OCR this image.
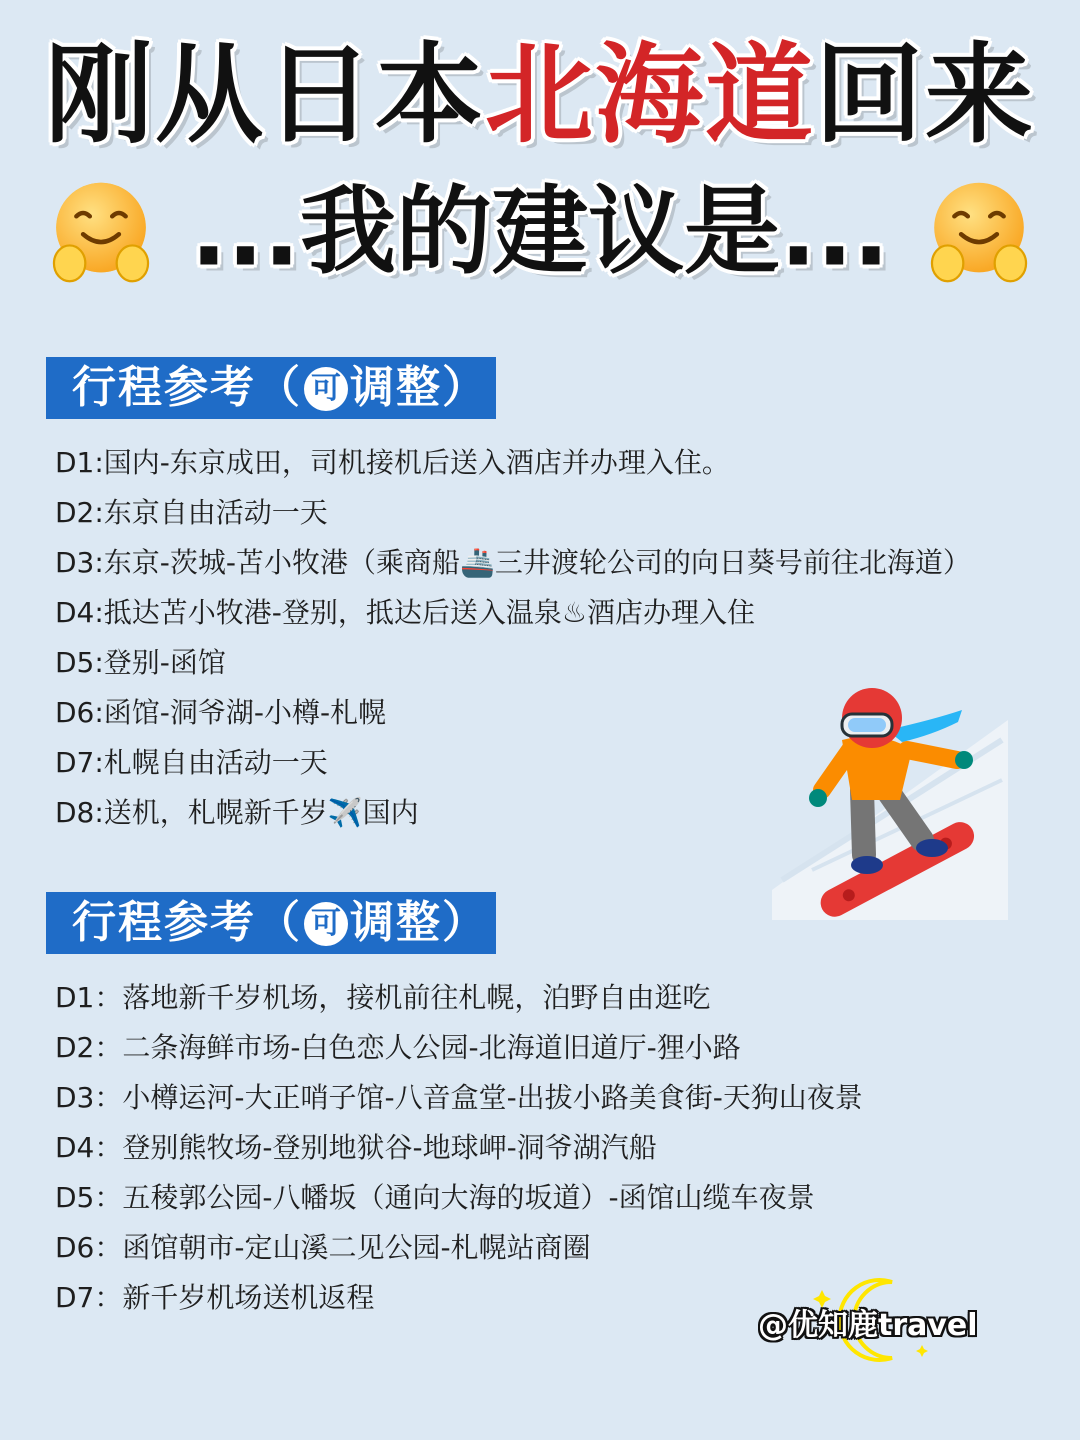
刚从日本北海道回来
...我的建议是...
行程参考（ 可 调整）
D1:国内-东京成田，司机接机后送入酒店并办理入住。
D2:东京自由活动一天
D3:东京-茨城-苫小牧港（乘商船🚢三井渡轮公司的向日葵号前往北海道）
D4:抵达苫小牧港-登别，抵达后送入温泉♨酒店办理入住
D5:登别-函馆
D6:函馆-洞爷湖-小樽-札幌
D7:札幌自由活动一天
D8:送机，札幌新千岁✈️国内
行程参考（ 可 调整）
D1：落地新千岁机场，接机前往札幌，泊野自由逛吃
D2：二条海鲜市场-白色恋人公园-北海道旧道厅-狸小路
D3：小樽运河-大正哨子馆-八音盒堂-出拔小路美食街-天狗山夜景
D4：登别熊牧场-登别地狱谷-地球岬-洞爷湖汽船
D5：五稜郭公园-八幡坂（通向大海的坂道）-函馆山缆车夜景
D6：函馆朝市-定山溪二见公园-札幌站商圈
D7：新千岁机场送机返程
@优知鹿travel
